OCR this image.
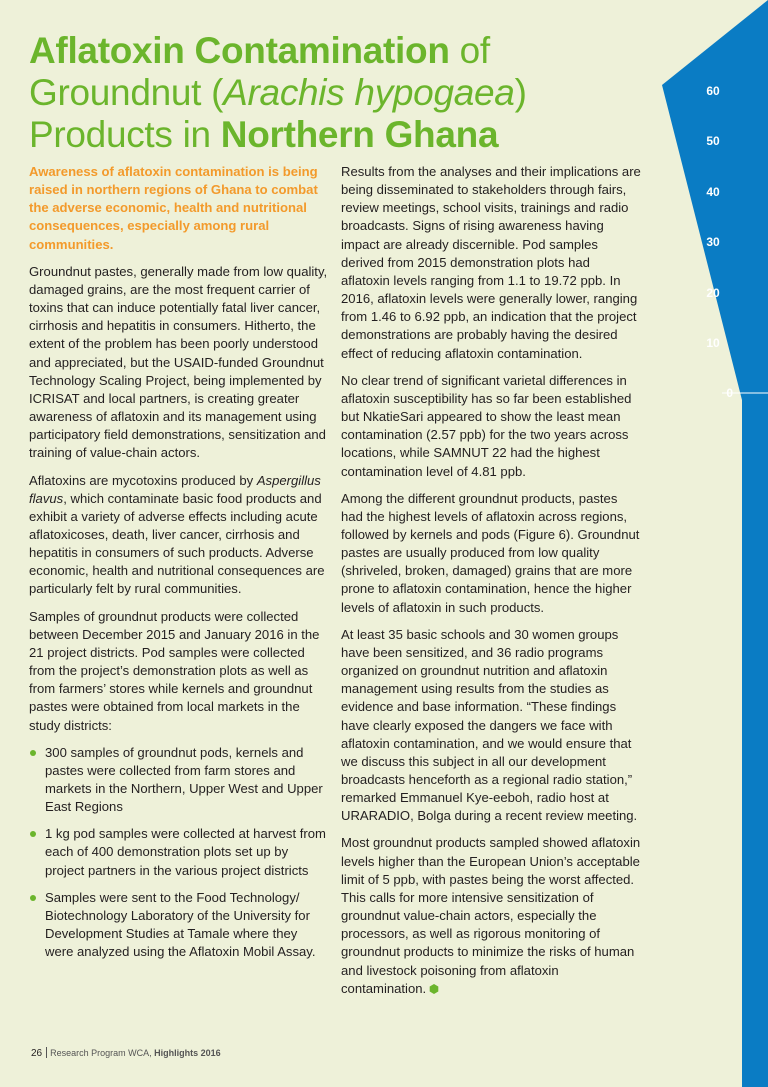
60
50
40
30
20
10
0
Aflatoxin Contamination of
Groundnut (Arachis hypogaea)
Products in Northern Ghana

Awareness of aflatoxin contamination is being raised in northern regions of Ghana to combat the adverse economic, health and nutritional consequences, especially among rural communities.

Groundnut pastes, generally made from low quality, damaged grains, are the most frequent carrier of toxins that can induce potentially fatal liver cancer, cirrhosis and hepatitis in consumers. Hitherto, the extent of the problem has been poorly understood and appreciated, but the USAID-funded Groundnut Technology Scaling Project, being implemented by ICRISAT and local partners, is creating greater awareness of aflatoxin and its management using participatory field demonstrations, sensitization and training of value-chain actors.

Aflatoxins are mycotoxins produced by Aspergillus flavus, which contaminate basic food products and exhibit a variety of adverse effects including acute aflatoxicoses, death, liver cancer, cirrhosis and hepatitis in consumers of such products. Adverse economic, health and nutritional consequences are particularly felt by rural communities.

Samples of groundnut products were collected between December 2015 and January 2016 in the 21 project districts. Pod samples were collected from the project’s demonstration plots as well as from farmers’ stores while kernels and groundnut pastes were obtained from local markets in the study districts:

300 samples of groundnut pods, kernels and pastes were collected from farm stores and markets in the Northern, Upper West and Upper East Regions
1 kg pod samples were collected at harvest from each of 400 demonstration plots set up by project partners in the various project districts
Samples were sent to the Food Technology/ Biotechnology Laboratory of the University for Development Studies at Tamale where they were analyzed using the Aflatoxin Mobil Assay.

Results from the analyses and their implications are being disseminated to stakeholders through fairs, review meetings, school visits, trainings and radio broadcasts. Signs of rising awareness having impact are already discernible. Pod samples derived from 2015 demonstration plots had aflatoxin levels ranging from 1.1 to 19.72 ppb. In 2016, aflatoxin levels were generally lower, ranging from 1.46 to 6.92 ppb, an indication that the project demonstrations are probably having the desired effect of reducing aflatoxin contamination.

No clear trend of significant varietal differences in aflatoxin susceptibility has so far been established but NkatieSari appeared to show the least mean contamination (2.57 ppb) for the two years across locations, while SAMNUT 22 had the highest contamination level of 4.81 ppb.

Among the different groundnut products, pastes had the highest levels of aflatoxin across regions, followed by kernels and pods (Figure 6). Groundnut pastes are usually produced from low quality (shriveled, broken, damaged) grains that are more prone to aflatoxin contamination, hence the higher levels of aflatoxin in such products.

At least 35 basic schools and 30 women groups have been sensitized, and 36 radio programs organized on groundnut nutrition and aflatoxin management using results from the studies as evidence and base information. “These findings have clearly exposed the dangers we face with aflatoxin contamination, and we would ensure that we discuss this subject in all our development broadcasts henceforth as a regional radio station,” remarked Emmanuel Kye-eeboh, radio host at URARADIO, Bolga during a recent review meeting.

Most groundnut products sampled showed aflatoxin levels higher than the European Union’s acceptable limit of 5 ppb, with pastes being the worst affected. This calls for more intensive sensitization of groundnut value-chain actors, especially the processors, as well as rigorous monitoring of groundnut products to minimize the risks of human and livestock poisoning from aflatoxin contamination.

26 Research Program WCA, Highlights 2016
